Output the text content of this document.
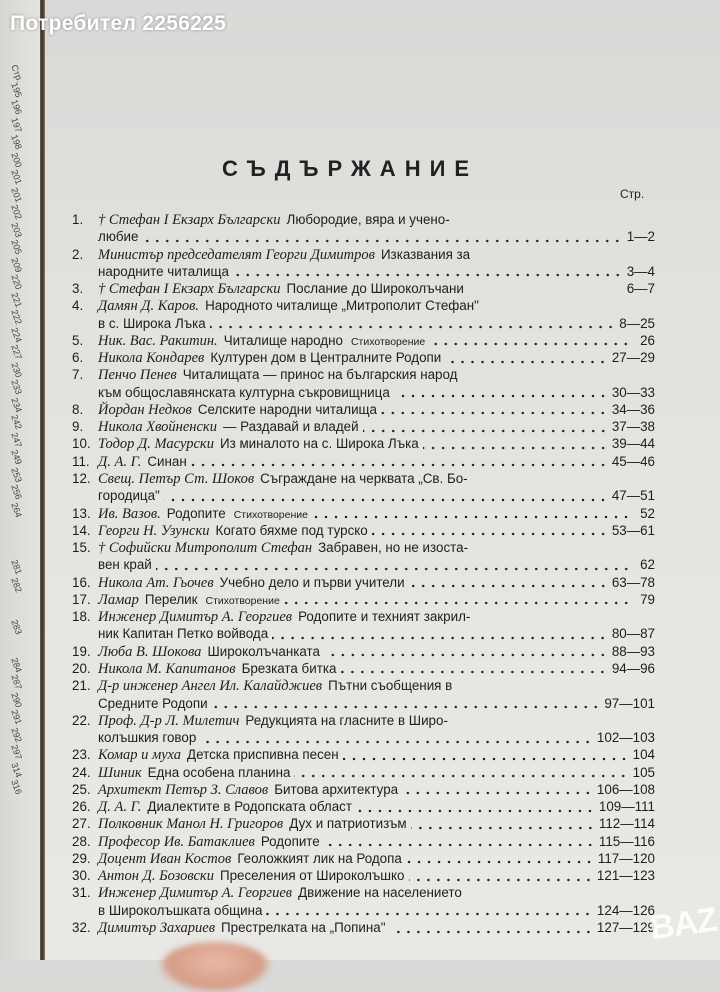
Стр.
195
196
197
198
200
201
201
202
203
205
209
220
221
222
224
227
230
233
234
242
247
249
253
256
264
281
282
283
284
287
290
291
292
297
314
316
СЪДЪРЖАНИЕ
Стр.
1.	† Стефан I Екзарх Български Любородие, вяра и учено-
любие	1—2
2.	Министър председателят Георги Димитров Изказвания за
народните читалища	3—4
3.	† Стефан I Екзарх Български Послание до Широколъчани	6—7
4.	Дамян Д. Каров. Народното читалище „Митрополит Стефан"
в с. Широка Лъка	8—25
5.	Ник. Вас. Ракитин. Читалище народно Стихотворение	26
6.	Никола Кондарев Културен дом в Централните Родопи	27—29
7.	Пенчо Пенев Читалищата — принос на българския народ
към общославянската културна съкровищница	30—33
8.	Йордан Недков Селските народни читалища	34—36
9.	Никола Хвойненски — Раздавай и владей	37—38
10. Тодор Д. Масурски Из миналото на с. Широка Лъка	39—44
11. Д. А. Г. Синан	45—46
12. Свещ. Петър Ст. Шоков Съграждане на черквата „Св. Бо-
городица"	47—51
13. Ив. Вазов. Родопите Стихотворение	52
14. Георги Н. Узунски Когато бяхме под турско	53—61
15. † Софийски Митрополит Стефан Забравен, но не изоста-
вен край	62
16. Никола Ат. Гьочев Учебно дело и първи учители	63—78
17. Ламар Перелик Стихотворение	79
18. Инженер Димитър А. Георгиев Родопите и техният закрил-
ник Капитан Петко войвода	80—87
19. Люба В. Шокова Широколъчанката	88—93
20. Никола М. Капитанов Брезката битка	94—96
21. Д-р инженер Ангел Ил. Калайджиев Пътни съобщения в
Средните Родопи	97—101
22. Проф. Д-р Л. Милетич Редукцията на гласните в Широ-
колъшкия говор	102—103
23. Комар и муха Детска приспивна песен	104
24. Шиник Една особена планина	105
25. Архитект Петър З. Славов Битова архитектура	106—108
26. Д. А. Г. Диалектите в Родопската област	109—111
27. Полковник Манол Н. Григоров Дух и патриотизъм	112—114
28. Професор Ив. Батаклиев Родопите	115—116
29. Доцент Иван Костов Геоложкият лик на Родопа	117—120
30. Антон Д. Бозовски Преселения от Широколъшко	121—123
31. Инженер Димитър А. Георгиев Движение на населението
в Широколъшката община	124—126
32. Димитър Захариев Престрелката на „Попина"	127—129
BAZ
Потребител 2256225
